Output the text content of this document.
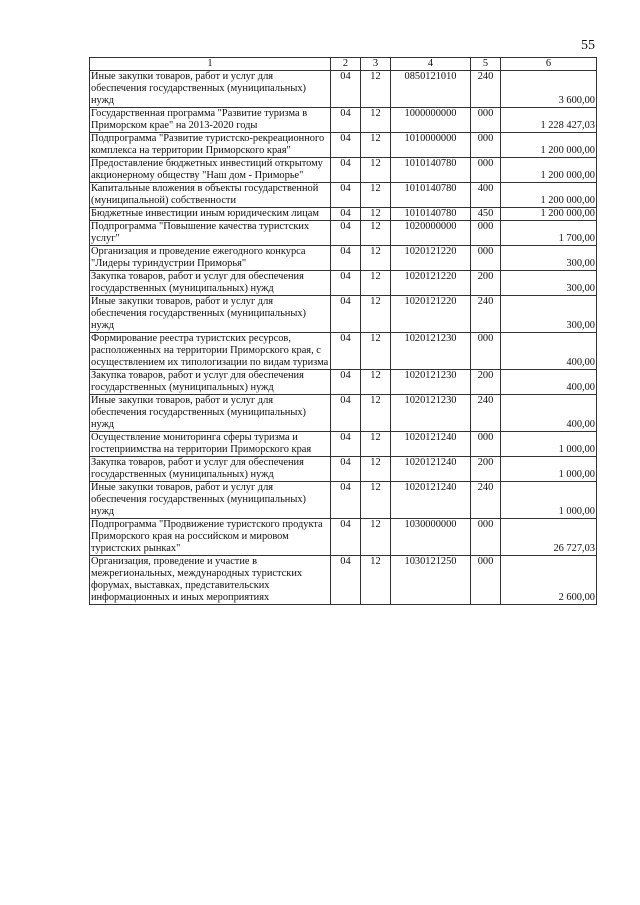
55
1	2	3	4	5	6
Иные закупки товаров, работ и услуг для обеспечения государственных (муниципальных) нужд	04	12	0850121010	240	3 600,00
Государственная программа "Развитие туризма в Приморском крае" на 2013-2020 годы	04	12	1000000000	000	1 228 427,03
Подпрограмма "Развитие туристско-рекреационного комплекса на территории Приморского края"	04	12	1010000000	000	1 200 000,00
Предоставление бюджетных инвестиций открытому акционерному обществу "Наш дом - Приморье"	04	12	1010140780	000	1 200 000,00
Капитальные вложения в объекты государственной (муниципальной) собственности	04	12	1010140780	400	1 200 000,00
Бюджетные инвестиции иным юридическим лицам	04	12	1010140780	450	1 200 000,00
Подпрограмма "Повышение качества туристских услуг"	04	12	1020000000	000	1 700,00
Организация и проведение ежегодного конкурса "Лидеры туриндустрии Приморья"	04	12	1020121220	000	300,00
Закупка товаров, работ и услуг для обеспечения государственных (муниципальных) нужд	04	12	1020121220	200	300,00
Иные закупки товаров, работ и услуг для обеспечения государственных (муниципальных) нужд	04	12	1020121220	240	300,00
Формирование реестра туристских ресурсов, расположенных на территории Приморского края, с осуществлением их типологизации по видам туризма	04	12	1020121230	000	400,00
Закупка товаров, работ и услуг для обеспечения государственных (муниципальных) нужд	04	12	1020121230	200	400,00
Иные закупки товаров, работ и услуг для обеспечения государственных (муниципальных) нужд	04	12	1020121230	240	400,00
Осуществление мониторинга сферы туризма и гостеприимства на территории Приморского края	04	12	1020121240	000	1 000,00
Закупка товаров, работ и услуг для обеспечения государственных (муниципальных) нужд	04	12	1020121240	200	1 000,00
Иные закупки товаров, работ и услуг для обеспечения государственных (муниципальных) нужд	04	12	1020121240	240	1 000,00
Подпрограмма "Продвижение туристского продукта Приморского края на российском и мировом туристских рынках"	04	12	1030000000	000	26 727,03
Организация, проведение и участие в межрегиональных, международных туристских форумах, выставках, представительских информационных и иных мероприятиях	04	12	1030121250	000	2 600,00
